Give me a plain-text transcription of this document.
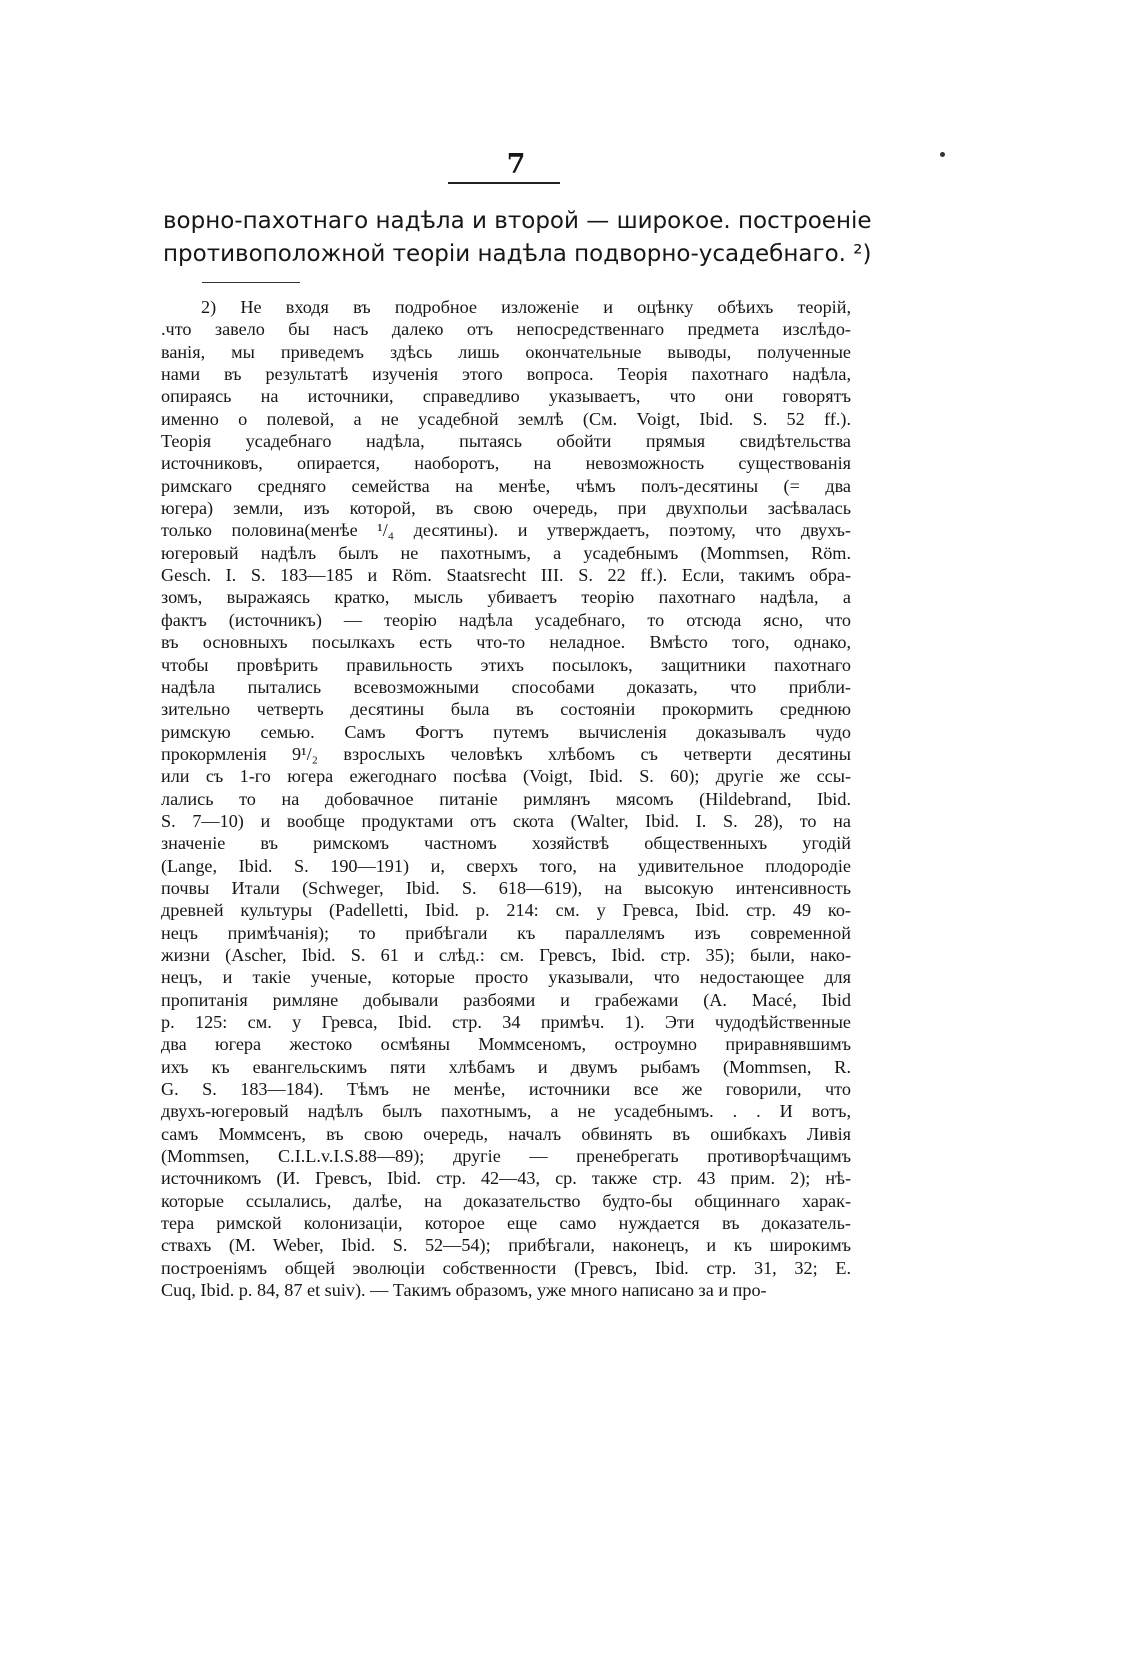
7
ворно-пахотнаго надѣла и второй — широкое. построеніе
противоположной теоріи надѣла подворно-усадебнаго. ²)
2) Не входя въ подробное изложеніе и оцѣнку обѣихъ теорій,
.что завело бы насъ далеко отъ непосредственнаго предмета изслѣдо-
ванія, мы приведемъ здѣсь лишь окончательные выводы, полученные
нами въ результатѣ изученія этого вопроса. Теорія пахотнаго надѣла,
опираясь на источники, справедливо указываетъ, что они говорятъ
именно о полевой, а не усадебной землѣ (См. Voigt, Ibid. S. 52 ff.).
Теорія усадебнаго надѣла, пытаясь обойти прямыя свидѣтельства
источниковъ, опирается, наоборотъ, на невозможность существованія
римскаго средняго семейства на менѣе, чѣмъ полъ-десятины (= два
югера) земли, изъ которой, въ свою очередь, при двухпольи засѣвалась
только половина(менѣе ¹/₄ десятины). и утверждаетъ, поэтому, что двухъ-
югеровый надѣлъ былъ не пахотнымъ, а усадебнымъ (Mommsen, Röm.
Gesch. I. S. 183—185 и Röm. Staatsrecht III. S. 22 ff.). Если, такимъ обра-
зомъ, выражаясь кратко, мысль убиваетъ теорію пахотнаго надѣла, а
фактъ (источникъ) — теорію надѣла усадебнаго, то отсюда ясно, что
въ основныхъ посылкахъ есть что-то неладное. Вмѣсто того, однако,
чтобы провѣрить правильность этихъ посылокъ, защитники пахотнаго
надѣла пытались всевозможными способами доказать, что прибли-
зительно четверть десятины была въ состояніи прокормить среднюю
римскую семью. Самъ Фогтъ путемъ вычисленія доказывалъ чудо
прокормленія 9¹/₂ взрослыхъ человѣкъ хлѣбомъ съ четверти десятины
или съ 1-го югера ежегоднаго посѣва (Voigt, Ibid. S. 60); другіе же ссы-
лались то на добовачное питаніе римлянъ мясомъ (Hildebrand, Ibid.
S. 7—10) и вообще продуктами отъ скота (Walter, Ibid. I. S. 28), то на
значеніе въ римскомъ частномъ хозяйствѣ общественныхъ угодій
(Lange, Ibid. S. 190—191) и, сверхъ того, на удивительное плодородіе
почвы Итали (Schweger, Ibid. S. 618—619), на высокую интенсивность
древней культуры (Padelletti, Ibid. p. 214: см. у Гревса, Ibid. стр. 49 ко-
нецъ примѣчанія); то прибѣгали къ параллелямъ изъ современной
жизни (Ascher, Ibid. S. 61 и слѣд.: см. Гревсъ, Ibid. стр. 35); были, нако-
нецъ, и такіе ученые, которые просто указывали, что недостающее для
пропитанія римляне добывали разбоями и грабежами (A. Macé, Ibid
p. 125: см. у Гревса, Ibid. стр. 34 примѣч. 1). Эти чудодѣйственные
два югера жестоко осмѣяны Моммсеномъ, остроумно приравнявшимъ
ихъ къ евангельскимъ пяти хлѣбамъ и двумъ рыбамъ (Mommsen, R.
G. S. 183—184). Тѣмъ не менѣе, источники все же говорили, что
двухъ-югеровый надѣлъ былъ пахотнымъ, а не усадебнымъ. . . И вотъ,
самъ Моммсенъ, въ свою очередь, началъ обвинять въ ошибкахъ Ливія
(Mommsen, C.I.L.v.I.S.88—89); другіе — пренебрегать противорѣчащимъ
источникомъ (И. Гревсъ, Ibid. стр. 42—43, ср. также стр. 43 прим. 2); нѣ-
которые ссылались, далѣе, на доказательство будто-бы общиннаго харак-
тера римской колонизаціи, которое еще само нуждается въ доказатель-
ствахъ (M. Weber, Ibid. S. 52—54); прибѣгали, наконецъ, и къ широкимъ
построеніямъ общей эволюціи собственности (Гревсъ, Ibid. стр. 31, 32; E.
Cuq, Ibid. p. 84, 87 et suiv). — Такимъ образомъ, уже много написано за и про-
